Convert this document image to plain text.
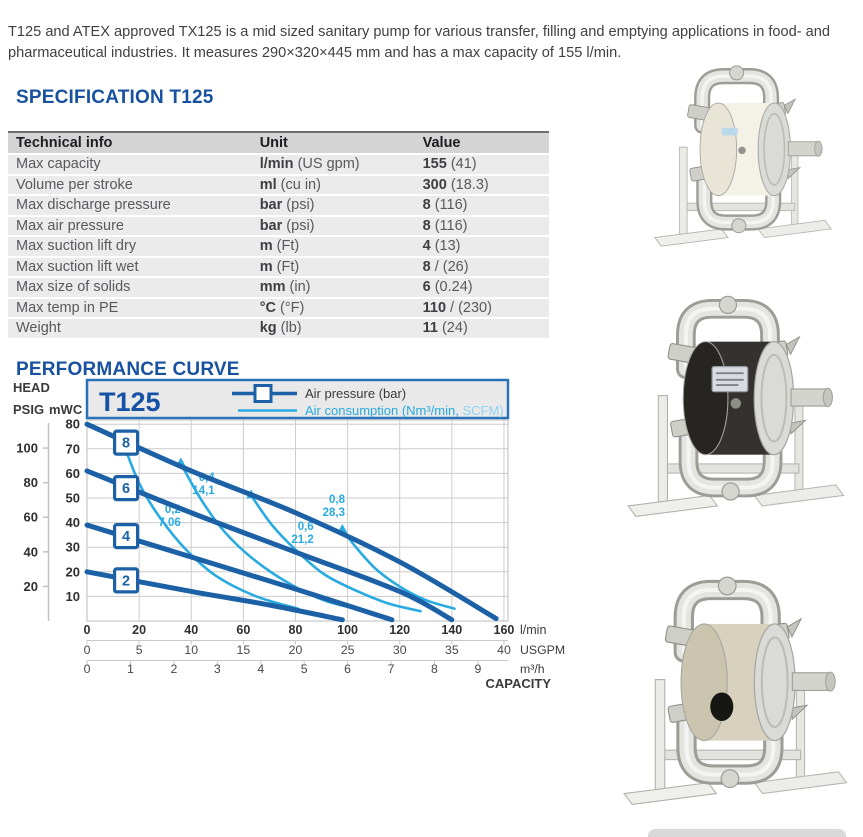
T125 and ATEX approved TX125 is a mid sized sanitary pump for various transfer, filling and emptying applications in food- and
pharmaceutical industries. It measures 290×320×445 mm and has a max capacity of 155 l/min.

SPECIFICATION T125
Technical info	Unit	Value
Max capacity	l/min (US gpm)	155 (41)
Volume per stroke	ml (cu in)	300 (18.3)
Max discharge pressure	bar (psi)	8 (116)
Max air pressure	bar (psi)	8 (116)
Max suction lift dry	m (Ft)	4 (13)
Max suction lift wet	m (Ft)	8 / (26)
Max size of solids	mm (in)	6 (0.24)
Max temp in PE	°C (°F)	110 / (230)
Weight	kg (lb)	11 (24)
PERFORMANCE CURVE
T125	Air pressure (bar)
Air consumption (Nm³/min, SCFM)
0,2
7,06
0,4
14,1
0,6
21,2
0,8
28,3
8
6
4
2
HEAD
PSIG mWC
10
20
30
40
50
60
70
80
20
40
60
80
100
0	20	40	60	80	100	120	140	160 l/min
0	5	10	15	20	25	30	35	40 USGPM
0	1	2	3	4	5	6	7	8	9	m³/h
CAPACITY
